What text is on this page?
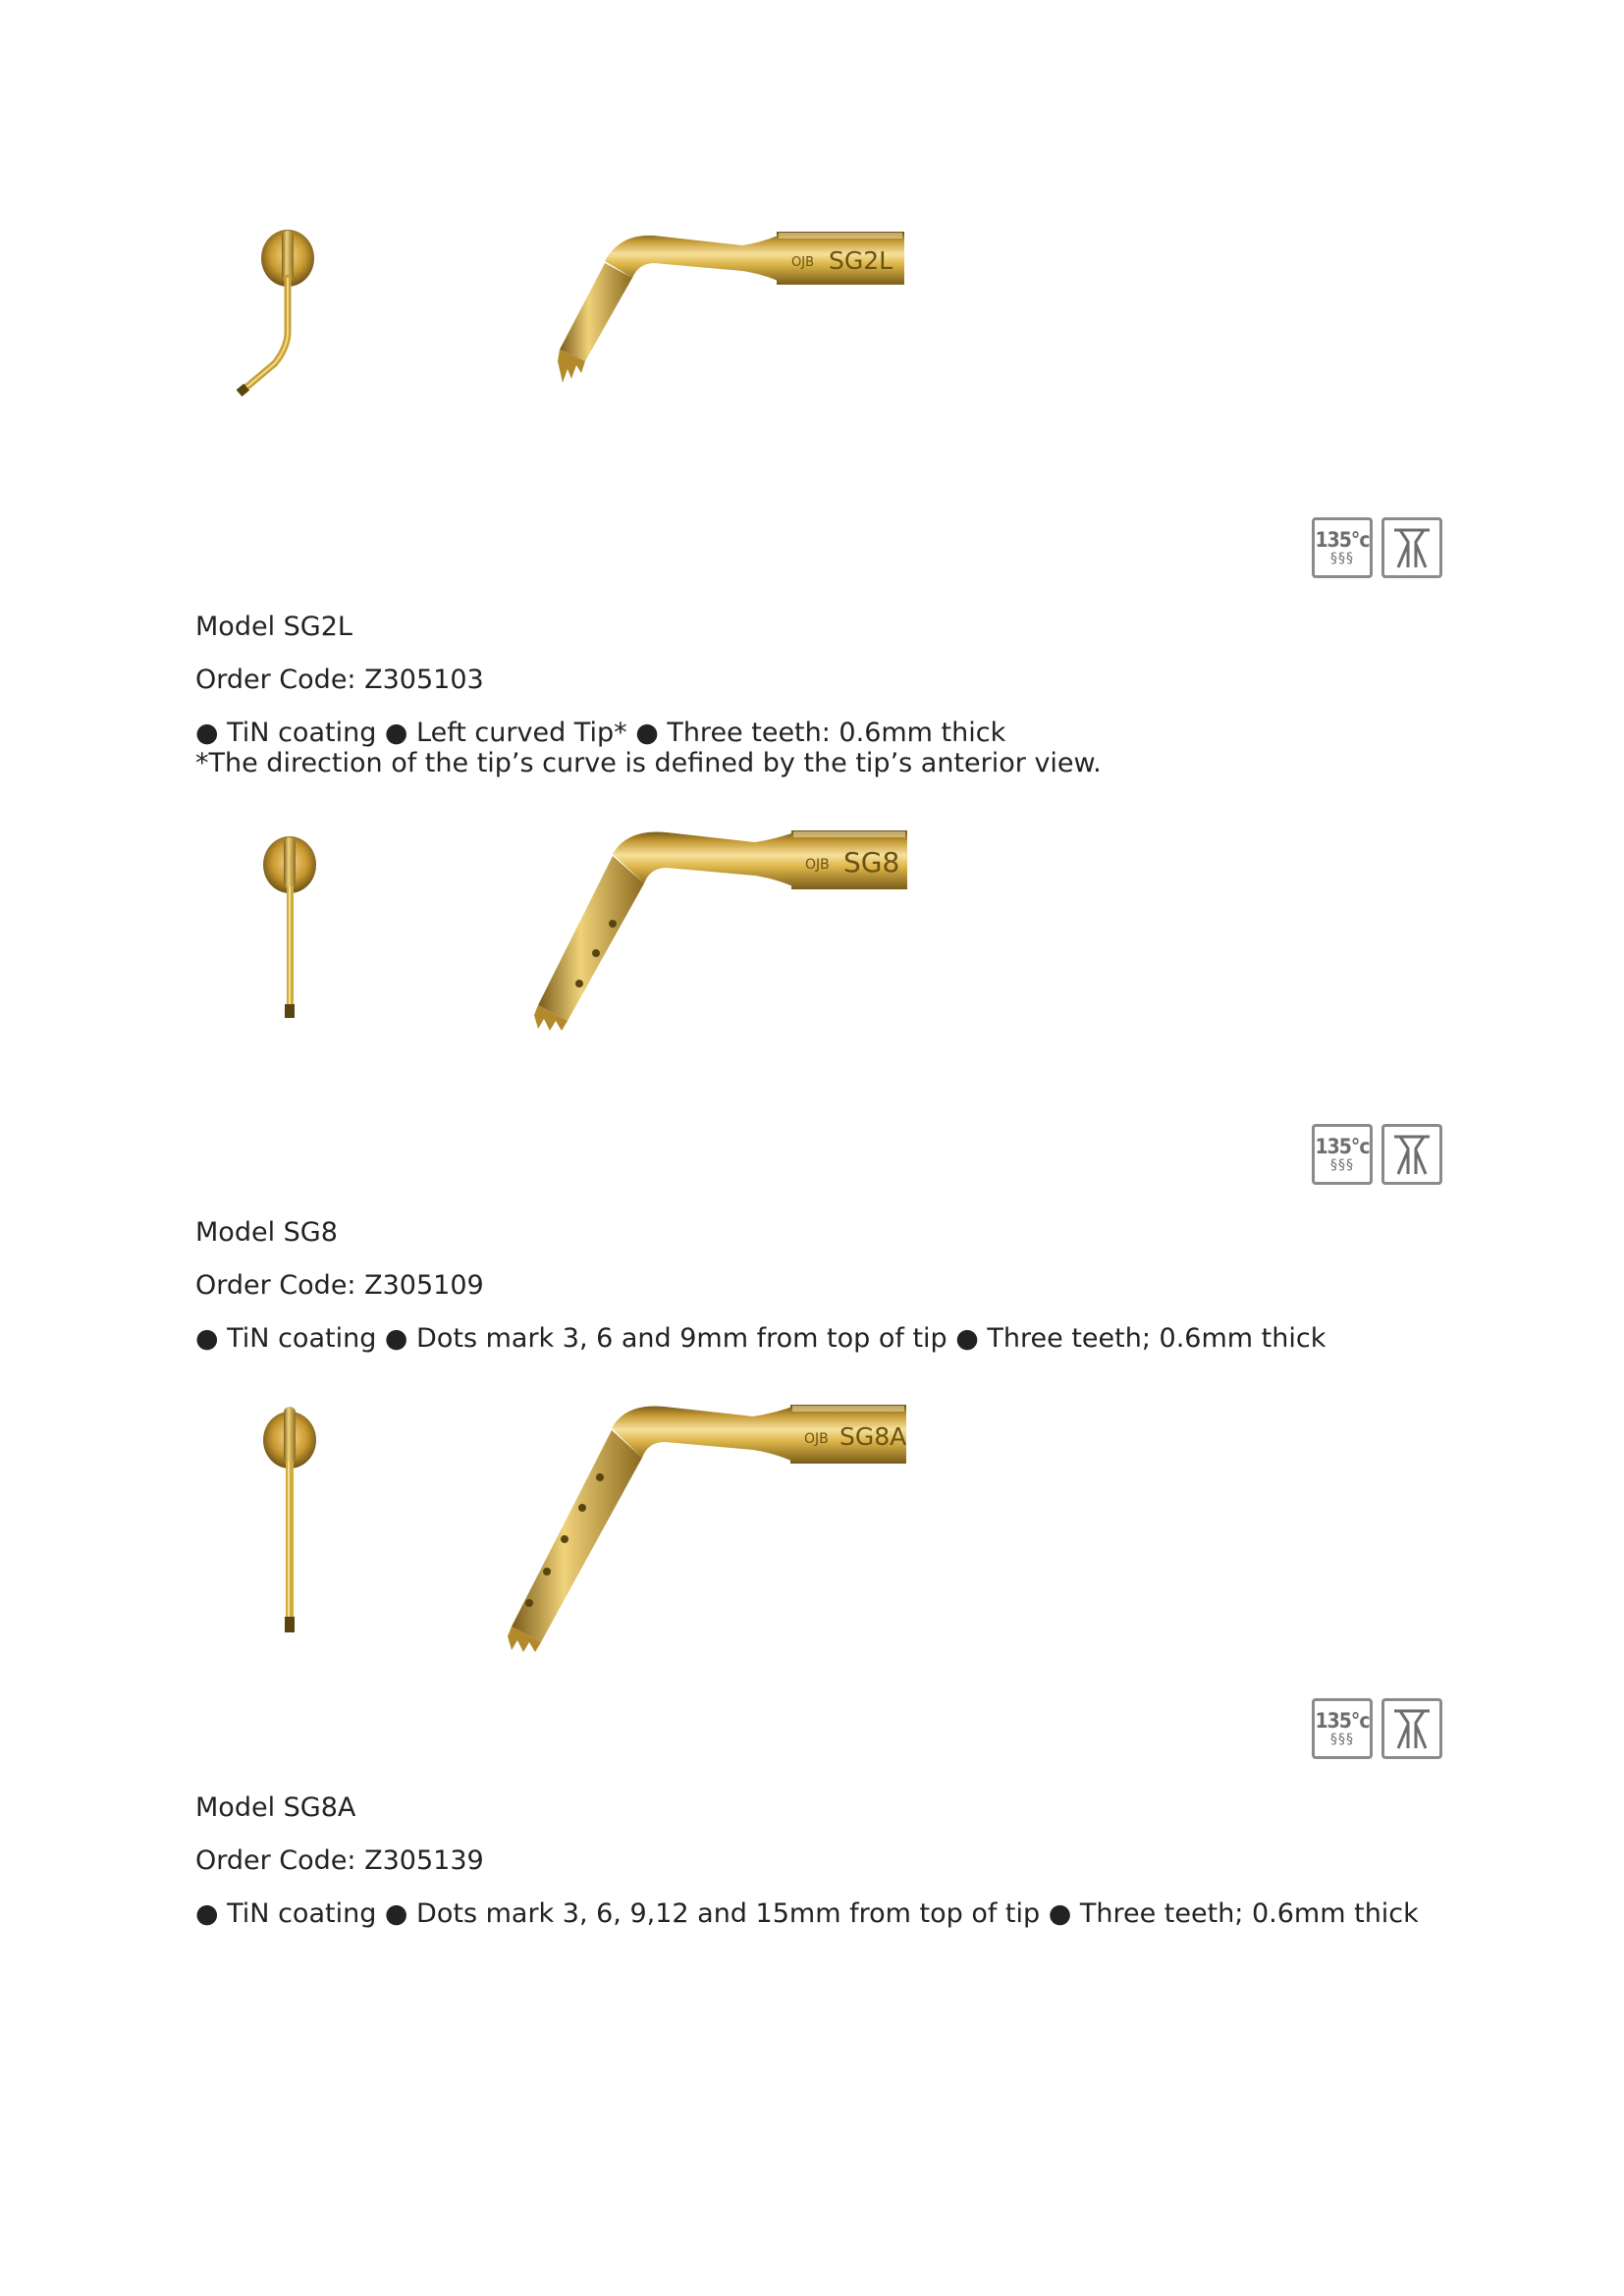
OJB SG2L
135°c
§§§
Model SG2L
Order Code: Z305103
● TiN coating ● Left curved Tip* ● Three teeth: 0.6mm thick
*The direction of the tip’s curve is defined by the tip’s anterior view.
OJB SG8
135°c
§§§
Model SG8
Order Code: Z305109
● TiN coating ● Dots mark 3, 6 and 9mm from top of tip ● Three teeth; 0.6mm thick
OJB SG8A
135°c
§§§
Model SG8A
Order Code: Z305139
● TiN coating ● Dots mark 3, 6, 9,12 and 15mm from top of tip ● Three teeth; 0.6mm thick
